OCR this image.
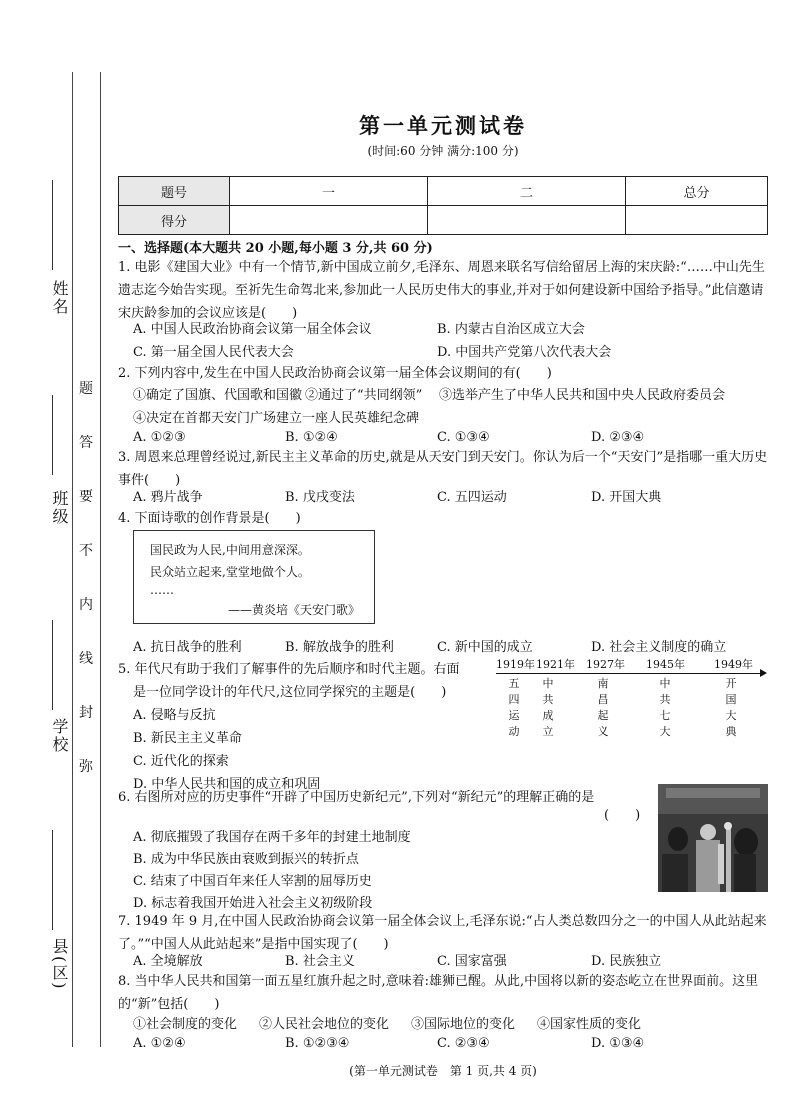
姓名
班级
学校
县(区)
题
答
要
不
内
线
封
弥
第一单元测试卷
(时间:60 分钟 满分:100 分)
题号	一	二	总分
得分			
一、选择题(本大题共 20 小题,每小题 3 分,共 60 分)
1. 电影《建国大业》中有一个情节,新中国成立前夕,毛泽东、周恩来联名写信给留居上海的宋庆龄:“……中山先生遗志迄今始告实现。至祈先生命驾北来,参加此一人民历史伟大的事业,并对于如何建设新中国给予指导。”此信邀请宋庆龄参加的会议应该是(　　)
A. 中国人民政治协商会议第一届全体会议	B. 内蒙古自治区成立大会
C. 第一届全国人民代表大会	D. 中国共产党第八次代表大会
2. 下列内容中,发生在中国人民政治协商会议第一届全体会议期间的有(　　)
①确定了国旗、代国歌和国徽 ②通过了“共同纲领” ③选举产生了中华人民共和国中央人民政府委员会
④决定在首都天安门广场建立一座人民英雄纪念碑
A. ①②③	B. ①②④	C. ①③④	D. ②③④
3. 周恩来总理曾经说过,新民主主义革命的历史,就是从天安门到天安门。你认为后一个“天安门”是指哪一重大历史事件(　　)
A. 鸦片战争	B. 戊戌变法	C. 五四运动	D. 开国大典
4. 下面诗歌的创作背景是(　　)
国民政为人民,中间用意深深。
民众站立起来,堂堂地做个人。
……
——黄炎培《天安门歌》
A. 抗日战争的胜利	B. 解放战争的胜利	C. 新中国的成立	D. 社会主义制度的确立
5. 年代尺有助于我们了解事件的先后顺序和时代主题。右面
是一位同学设计的年代尺,这位同学探究的主题是(　　)
A. 侵略与反抗
B. 新民主主义革命
C. 近代化的探索
D. 中华人民共和国的成立和巩固
1919年 1921年 1927年 1945年	1949年
五
四
运
动
中
共
成
立
南
昌
起
义
中
共
七
大
开
国
大
典
6. 右图所对应的历史事件“开辟了中国历史新纪元”,下列对“新纪元”的理解正确的是
(　　)
A. 彻底摧毁了我国存在两千多年的封建土地制度
B. 成为中华民族由衰败到振兴的转折点
C. 结束了中国百年来任人宰割的屈辱历史
D. 标志着我国开始进入社会主义初级阶段
7. 1949 年 9 月,在中国人民政治协商会议第一届全体会议上,毛泽东说:“占人类总数四分之一的中国人从此站起来了。”“中国人从此站起来”是指中国实现了(　　)
A. 全境解放	B. 社会主义	C. 国家富强	D. 民族独立
8. 当中华人民共和国第一面五星红旗升起之时,意味着:雄狮已醒。从此,中国将以新的姿态屹立在世界面前。这里的“新”包括(　　)
①社会制度的变化 ②人民社会地位的变化 ③国际地位的变化 ④国家性质的变化
A. ①②④	B. ①②③④	C. ②③④	D. ①③④
(第一单元测试卷　第 1 页,共 4 页)
